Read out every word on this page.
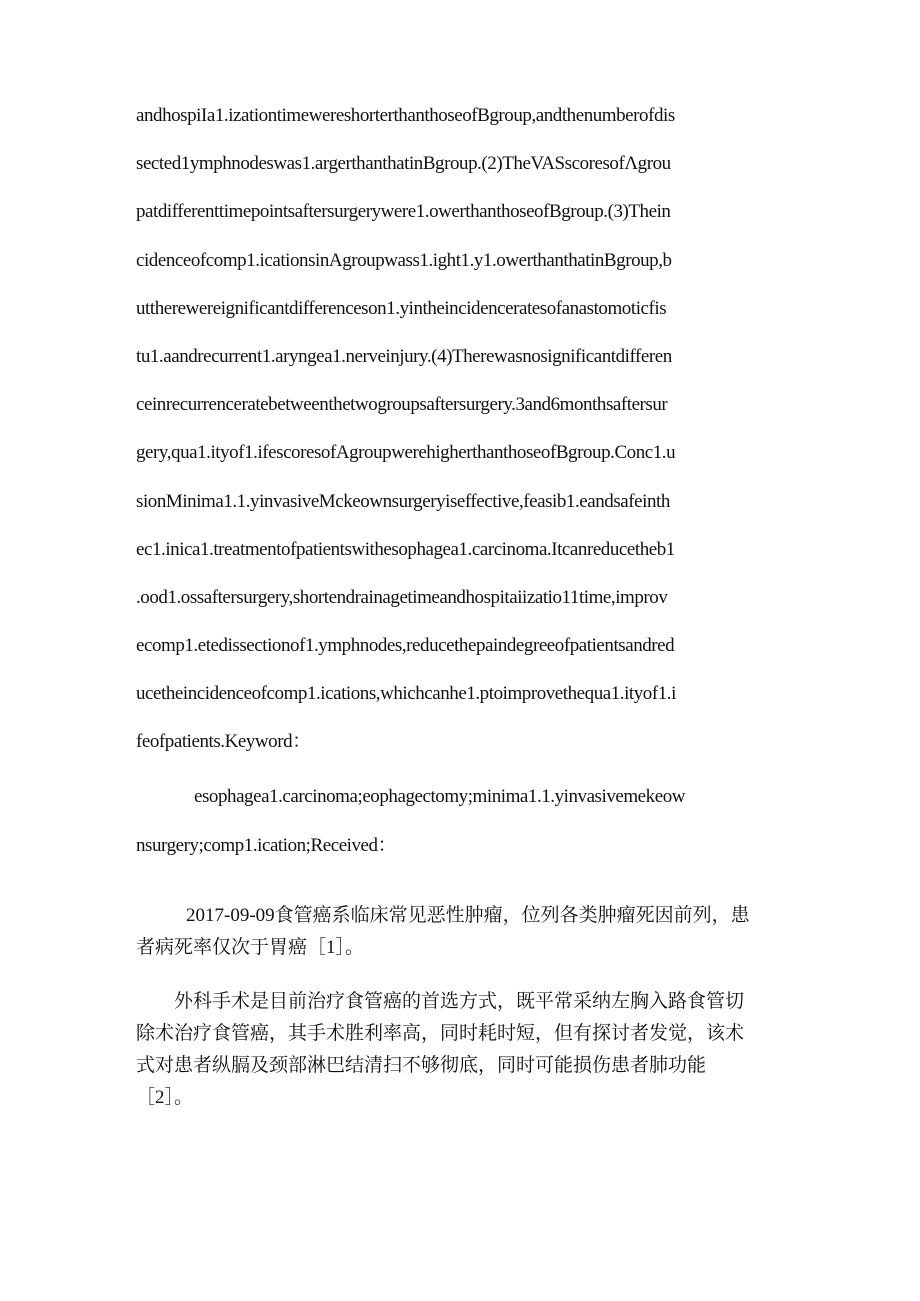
andhospiIa1.izationtimewereshorterthanthoseofBgroup,andthenumberofdis
sected1ymphnodeswas1.argerthanthatinBgroup.(2)TheVASscoresofΛgrou
patdifferenttimepointsaftersurgerywere1.owerthanthoseofBgroup.(3)Thein
cidenceofcomp1.icationsinAgroupwass1.ight1.y1.owerthanthatinBgroup,b
uttherewereignificantdifferenceson1.yintheincidenceratesofanastomoticfis
tu1.aandrecurrent1.aryngea1.nerveinjury.(4)Therewasnosignificantdifferen
ceinrecurrenceratebetweenthetwogroupsaftersurgery.3and6monthsaftersur
gery,qua1.ityof1.ifescoresofAgroupwerehigherthanthoseofBgroup.Conc1.u
sionMinima1.1.yinvasiveMckeownsurgeryiseffective,feasib1.eandsafeinth
ec1.inica1.treatmentofpatientswithesophagea1.carcinoma.Itcanreducetheb1
.ood1.ossaftersurgery,shortendrainagetimeandhospitaiizatio11time,improv
ecomp1.etedissectionof1.ymphnodes,reducethepaindegreeofpatientsandred
ucetheincidenceofcomp1.ications,whichcanhe1.ptoimprovethequa1.ityof1.i
feofpatients.Keyword：
esophagea1.carcinoma;eophagectomy;minima1.1.yinvasivemekeow
nsurgery;comp1.ication;Received：

2017-09-09食管癌系临床常见恶性肿瘤，位列各类肿瘤死因前列，患
者病死率仅次于胃癌［1］。

外科手术是目前治疗食管癌的首选方式，既平常采纳左胸入路食管切
除术治疗食管癌，其手术胜利率高，同时耗时短，但有探讨者发觉，该术
式对患者纵膈及颈部淋巴结清扫不够彻底，同时可能损伤患者肺功能
［2］。
